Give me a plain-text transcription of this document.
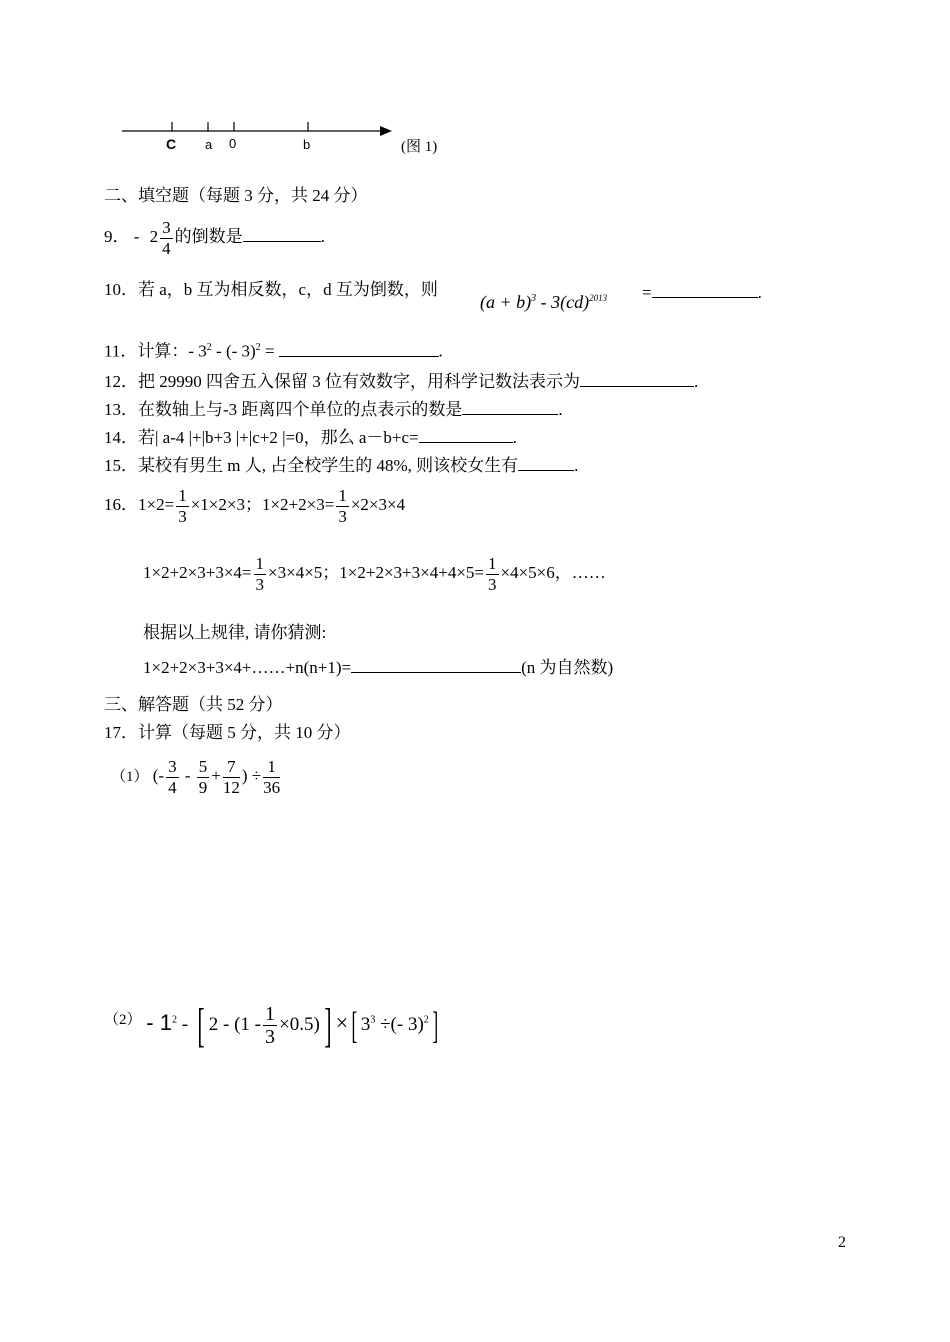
C a 0	b	(图 1)
二、填空题（每题 3 分，共 24 分）
9． - $2 \frac{3}{4}$ 的倒数是	.
10．若 a，b 互为相反数，c，d 互为倒数，则
$(a + b)^3 - 3(cd)^{2013}$ =	.
11．计算：- $3^2$ - (- 3)$^2$ =	.
12．把 29990 四舍五入保留 3 位有效数字，用科学记数法表示为	.
13．在数轴上与-3 距离四个单位的点表示的数是	.
14．若| a-4 |+|b+3 |+|c+2 |=0，那么 a－b+c=	.
15．某校有男生 m 人, 占全校学生的 48%, 则该校女生有	.
16．$1\times 2= \frac{1}{3} \times 1\times 2\times 3$；$1\times 2+2\times 3= \frac{1}{3} \times 2\times 3\times 4$
$1\times 2+2\times 3+3\times 4= \frac{1}{3} \times 3\times 4\times 5$；$1\times 2+2\times 3+3\times 4+4\times 5= \frac{1}{3} \times 4\times 5\times 6$，……
根据以上规律, 请你猜测:
1×2+2×3+3×4+……+n(n+1)=	(n 为自然数)
三、解答题（共 52 分）
17．计算（每题 5 分，共 10 分）
（1） (- $\frac{3}{4} - \frac{5}{9} + \frac{7}{12}$ ) ÷ $\frac{1}{36}$
$^{(2)} - 1^2$ - [ $2 - (1 - \frac{1}{3} \times 0.5)$] ×[ $3^3$ ÷(- 3)$^2$]
2
